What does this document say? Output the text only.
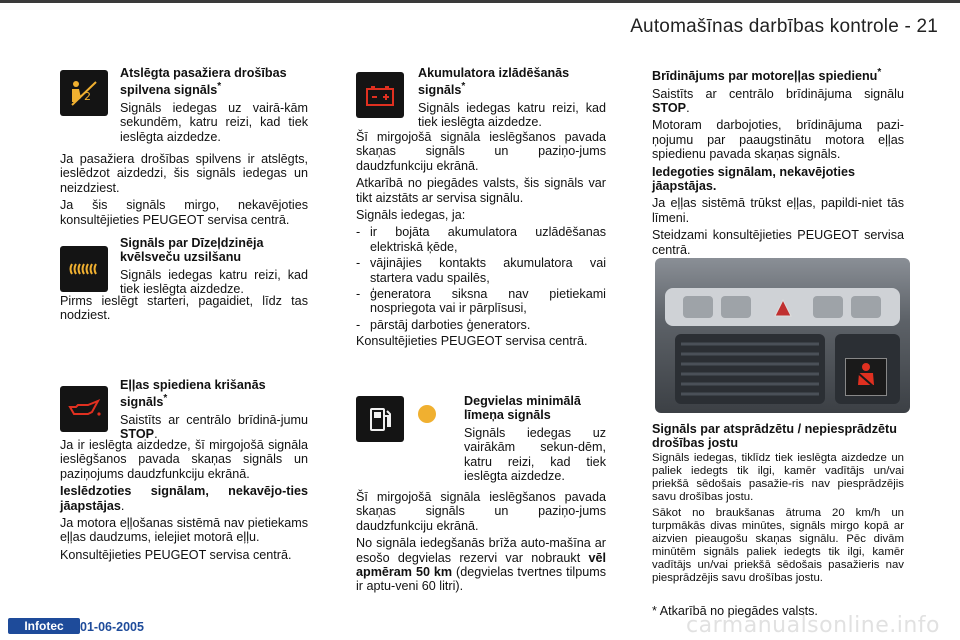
Automašīnas darbības kontrole - 21
2
Atslēgta pasažiera drošības spilvena signāls*

Signāls iedegas uz vairā-kām sekundēm, katru reizi, kad tiek ieslēgta aizdedze.

Ja pasažiera drošības spilvens ir atslēgts, ieslēdzot aizdedzi, šis signāls iedegas un neizdziest.

Ja šis signāls mirgo, nekavējoties konsultējieties PEUGEOT servisa centrā.

Signāls par Dīzeļdzinēja kvēlsveču uzsilšanu

Signāls iedegas katru reizi, kad tiek ieslēgta aizdedze.

Pirms ieslēgt starteri, pagaidiet, līdz tas nodziest.

Eļļas spiediena krišanās signāls*

Saistīts ar centrālo brīdinā-jumu STOP.

Ja ir ieslēgta aizdedze, šī mirgojošā signāla ieslēgšanos pavada skaņas signāls un paziņojums daudzfunkciju ekrānā.

Ieslēdzoties signālam, nekavējo-ties jāapstājas.

Ja motora eļļošanas sistēmā nav pietiekams eļļas daudzums, ielejiet motorā eļļu.

Konsultējieties PEUGEOT servisa centrā.

Akumulatora izlādēšanās signāls*

Signāls iedegas katru reizi, kad tiek ieslēgta aizdedze.

Šī mirgojošā signāla ieslēgšanos pavada skaņas signāls un paziņo-jums daudzfunkciju ekrānā.

Atkarībā no piegādes valsts, šis signāls var tikt aizstāts ar servisa signālu.

Signāls iedegas, ja:

- ir bojāta akumulatora uzlādēšanas elektriskā ķēde,
- vājinājies kontakts akumulatora vai startera vadu spailēs,
- ģeneratora siksna nav pietiekami nospriegota vai ir pārplīsusi,
- pārstāj darboties ģenerators.

Konsultējieties PEUGEOT servisa centrā.

Degvielas minimālā līmeņa signāls

Signāls iedegas uz vairākām sekun-dēm, katru reizi, kad tiek ieslēgta aizdedze.

Šī mirgojošā signāla ieslēgšanos pavada skaņas signāls un paziņo-jums daudzfunkciju ekrānā.

No signāla iedegšanās brīža auto-mašīna ar esošo degvielas rezervi var nobraukt vēl apmēram 50 km (degvielas tvertnes tilpums ir aptu-veni 60 litri).

Brīdinājums par motoreļļas spiedienu*

Saistīts ar centrālo brīdinājuma signālu STOP.

Motoram darbojoties, brīdinājuma pazi-ņojumu par paaugstinātu motora eļļas spiedienu pavada skaņas signāls.

Iedegoties signālam, nekavējoties jāapstājas.

Ja eļļas sistēmā trūkst eļļas, papildi-niet tās līmeni.

Steidzami konsultējieties PEUGEOT servisa centrā.

Signāls par atsprādzētu / nepiesprādzētu drošības jostu

Signāls iedegas, tiklīdz tiek ieslēgta aizdedze un paliek iedegts tik ilgi, kamēr vadītājs un/vai priekšā sēdošais pasažie-ris nav piesprādzējis savu drošības jostu.

Sākot no braukšanas ātruma 20 km/h un turpmākās divas minūtes, signāls mirgo kopā ar aizvien pieaugošu skaņas signālu. Pēc divām minūtēm signāls paliek iedegts tik ilgi, kamēr vadītājs un/vai priekšā sēdošais pasažieris nav piesprādzējis savu drošības jostu.

* Atkarībā no piegādes valsts.
Infotec	01-06-2005	carmanualsonline.info
